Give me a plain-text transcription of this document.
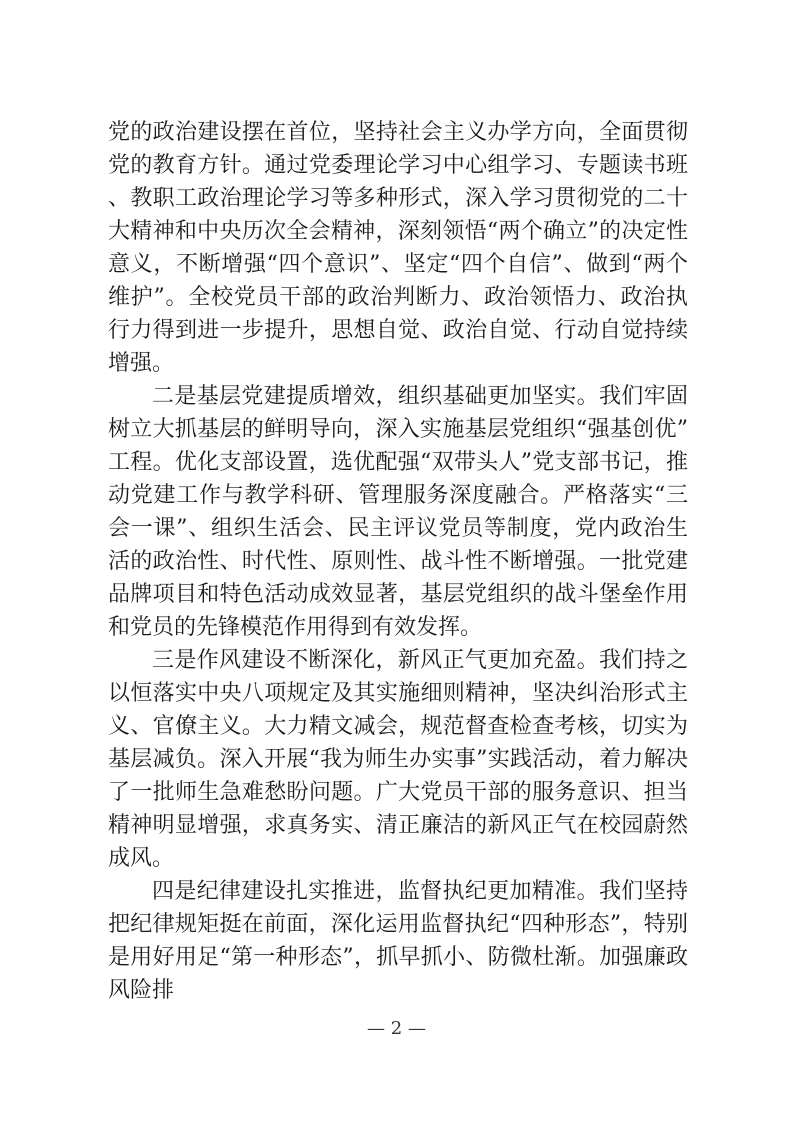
党的政治建设摆在首位，坚持社会主义办学方向，全面贯彻党的教育方针。通过党委理论学习中心组学习、专题读书班、教职工政治理论学习等多种形式，深入学习贯彻党的二十大精神和中央历次全会精神，深刻领悟“两个确立”的决定性意义，不断增强“四个意识”、坚定“四个自信”、做到“两个维护”。全校党员干部的政治判断力、政治领悟力、政治执行力得到进一步提升，思想自觉、政治自觉、行动自觉持续增强。

二是基层党建提质增效，组织基础更加坚实。我们牢固树立大抓基层的鲜明导向，深入实施基层党组织“强基创优”工程。优化支部设置，选优配强“双带头人”党支部书记，推动党建工作与教学科研、管理服务深度融合。严格落实“三会一课”、组织生活会、民主评议党员等制度，党内政治生活的政治性、时代性、原则性、战斗性不断增强。一批党建品牌项目和特色活动成效显著，基层党组织的战斗堡垒作用和党员的先锋模范作用得到有效发挥。

三是作风建设不断深化，新风正气更加充盈。我们持之以恒落实中央八项规定及其实施细则精神，坚决纠治形式主义、官僚主义。大力精文减会，规范督查检查考核，切实为基层减负。深入开展“我为师生办实事”实践活动，着力解决了一批师生急难愁盼问题。广大党员干部的服务意识、担当精神明显增强，求真务实、清正廉洁的新风正气在校园蔚然成风。

四是纪律建设扎实推进，监督执纪更加精准。我们坚持把纪律规矩挺在前面，深化运用监督执纪“四种形态”，特别是用好用足“第一种形态”，抓早抓小、防微杜渐。加强廉政风险排

— 2 —
